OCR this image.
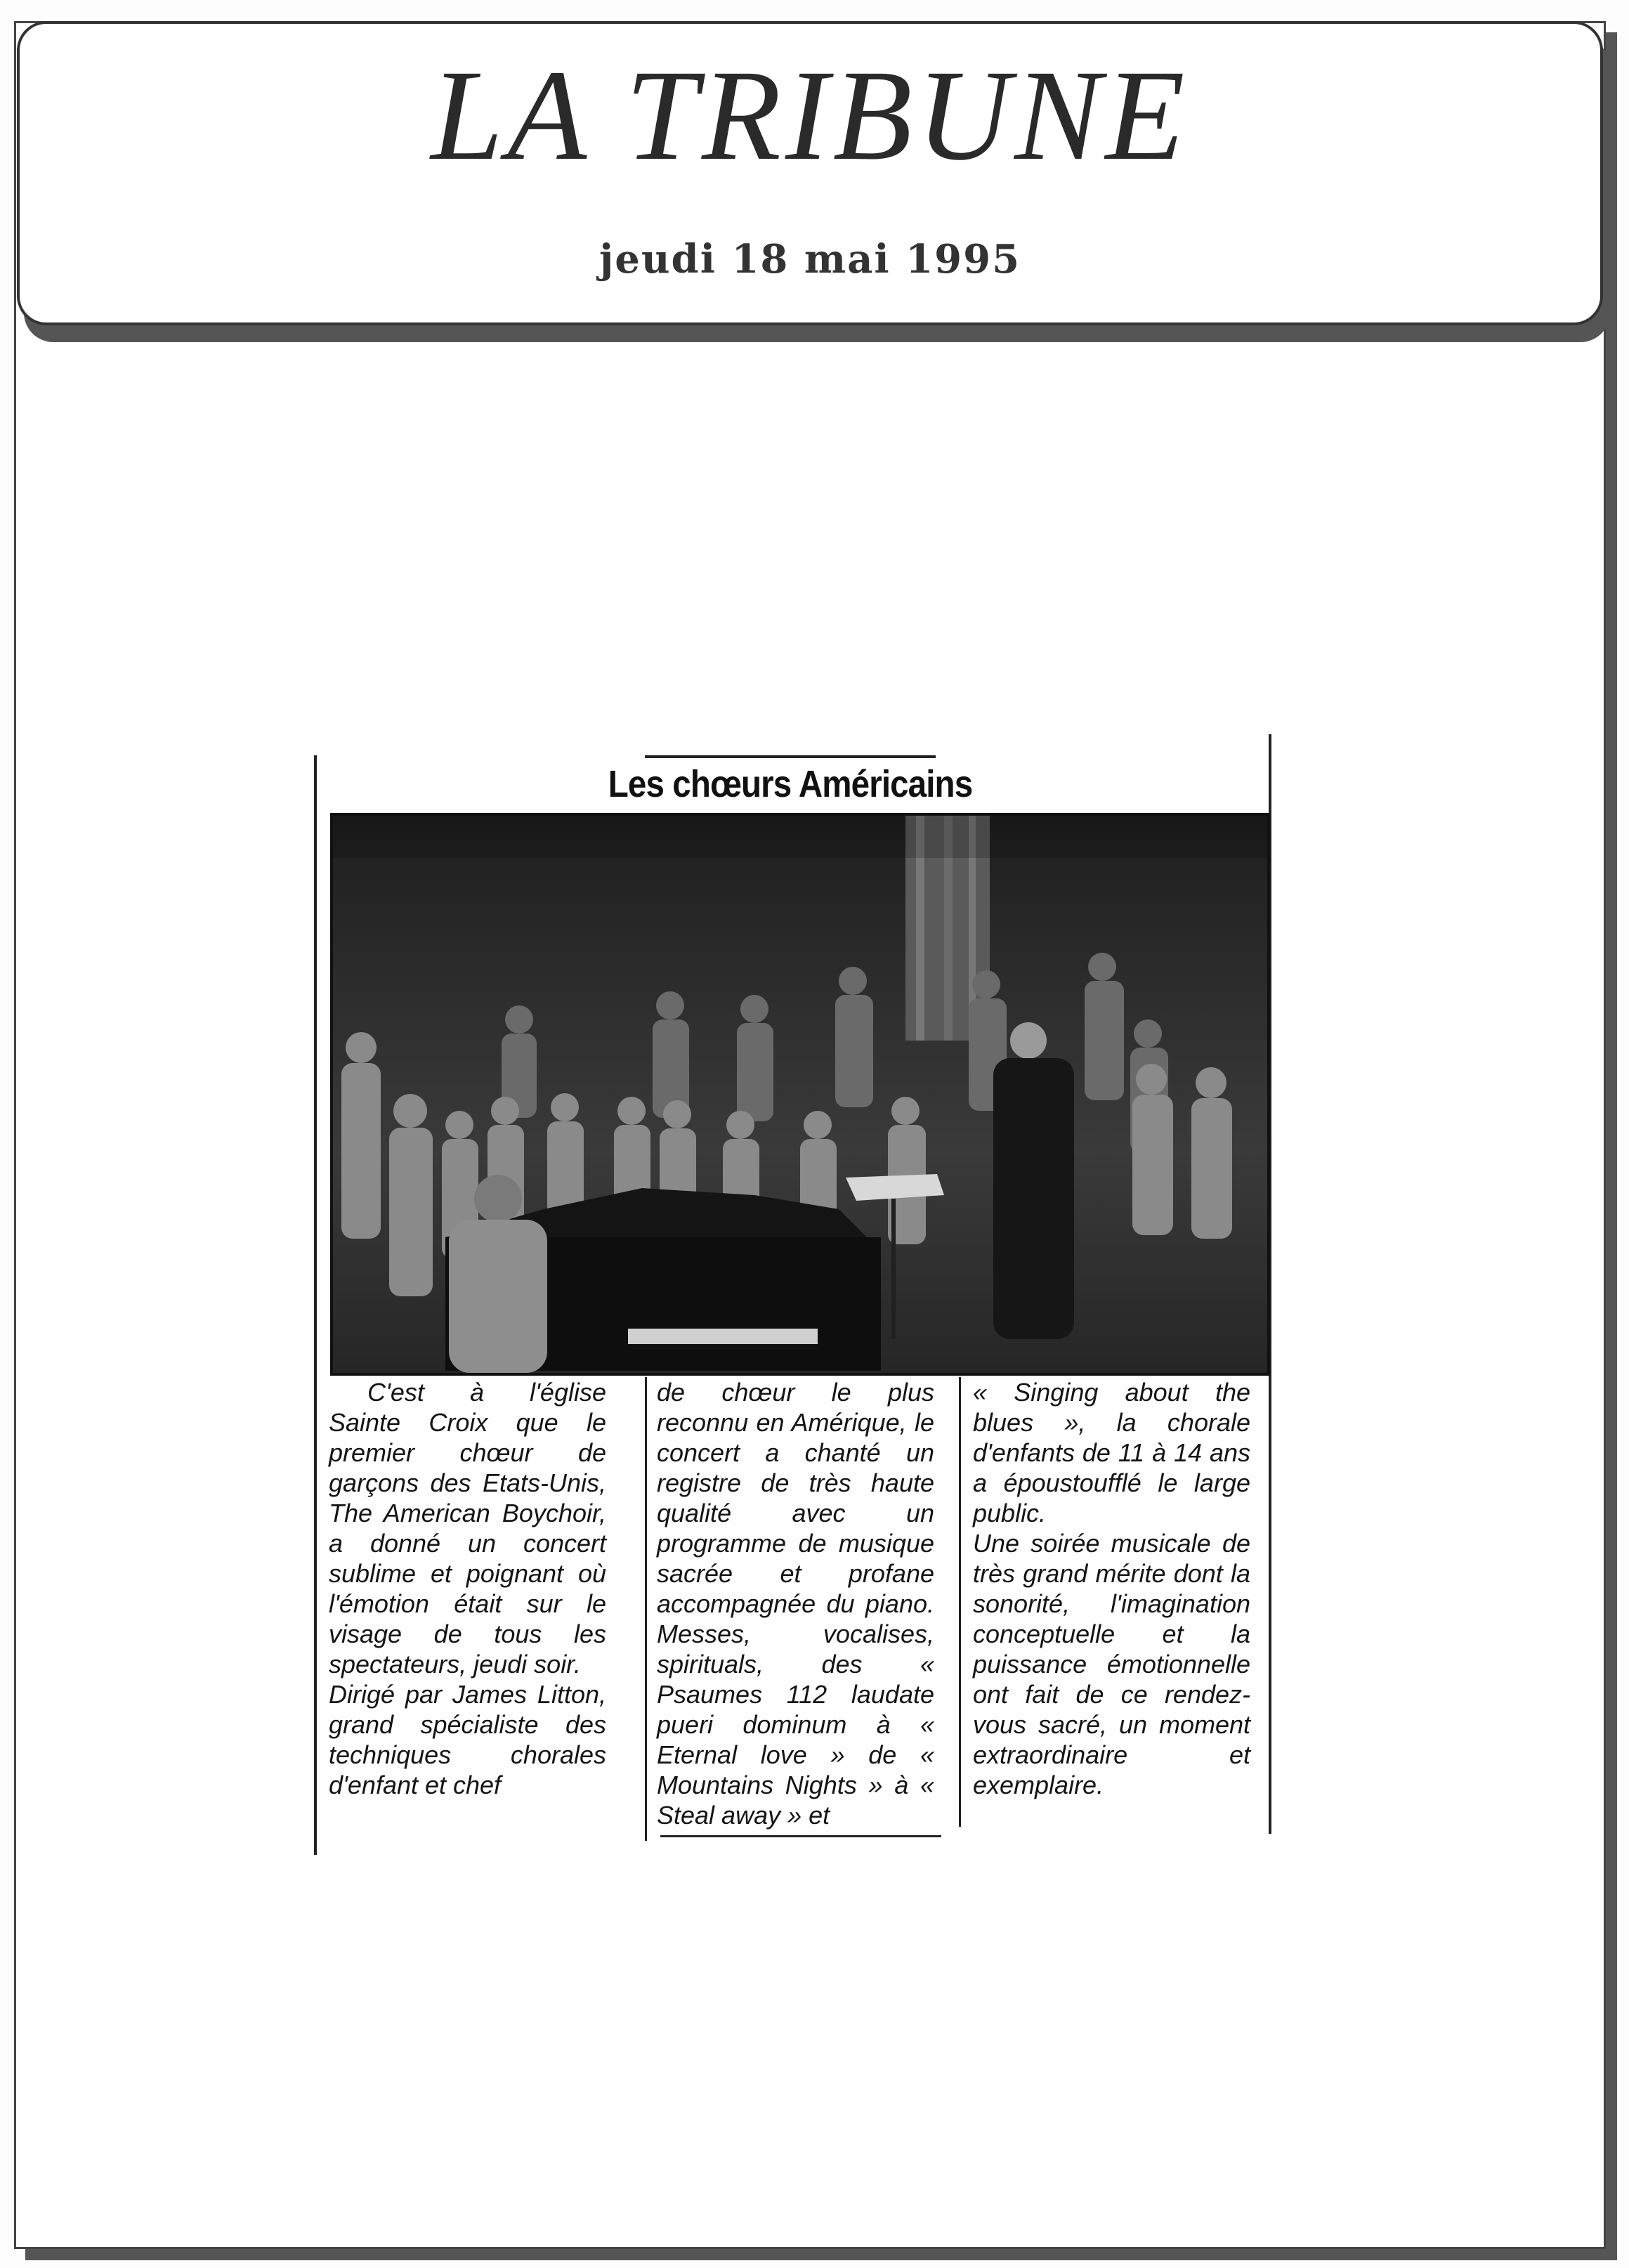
LA TRIBUNE
jeudi 18 mai 1995
Les chœurs Américains

C'est à l'église Sainte Croix que le premier chœur de garçons des Etats-Unis, The American Boychoir, a donné un concert sublime et poignant où l'émotion était sur le visage de tous les spectateurs, jeudi soir.

Dirigé par James Litton, grand spécialiste des techniques chorales d'enfant et chef

de chœur le plus reconnu en Amérique, le concert a chanté un registre de très haute qualité avec un programme de musique sacrée et profane accompagnée du piano. Messes, vocalises, spirituals, des « Psaumes 112 laudate pueri dominum à « Eternal love » de « Mountains Nights » à « Steal away » et

« Singing about the blues », la chorale d'enfants de 11 à 14 ans a époustoufflé le large public.

Une soirée musicale de très grand mérite dont la sonorité, l'imagination conceptuelle et la puissance émotionnelle ont fait de ce rendez-vous sacré, un moment extraordinaire et exemplaire.
